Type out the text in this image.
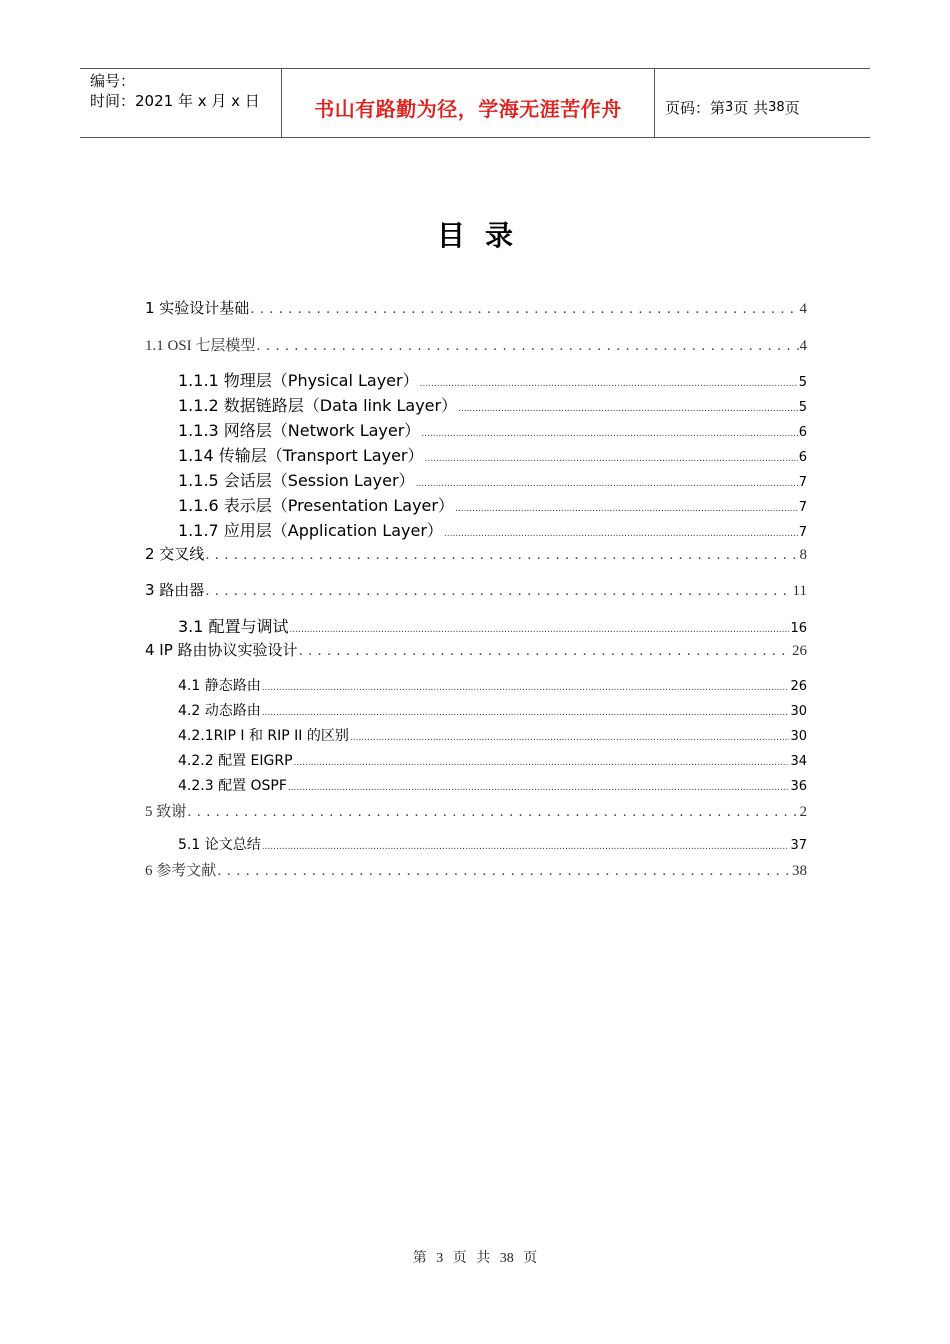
编号：
时间：2021 年 x 月 x 日	书山有路勤为径，学海无涯苦作舟	页码：第 3 页 共 38 页
目录
1 实验设计基础 . . .	4
1.1 OSI 七层模型 . . .	4
1.1.1 物理层（Physical Layer） .....	5
1.1.2 数据链路层（Data link Layer） .....	5
1.1.3 网络层（Network Layer） .....	6
1.14 传输层（Transport Layer） .....	6
1.1.5 会话层（Session Layer） .....	7
1.1.6 表示层（Presentation Layer） .....	7
1.1.7 应用层（Application Layer） .....	7
2 交叉线 . . .	8
3 路由器 . . .	11
3.1 配置与调试 .....	16
4 IP 路由协议实验设计 . . .	26
4.1 静态路由 .....	26
4.2 动态路由 .....	30
4.2.1RIP I 和 RIP II 的区别 .....	30
4.2.2 配置 EIGRP .....	34
4.2.3 配置 OSPF .....	36
5 致谢 . . .	2
5.1 论文总结 .....	37
6 参考文献 . . .	38
第 3 页 共 38 页
